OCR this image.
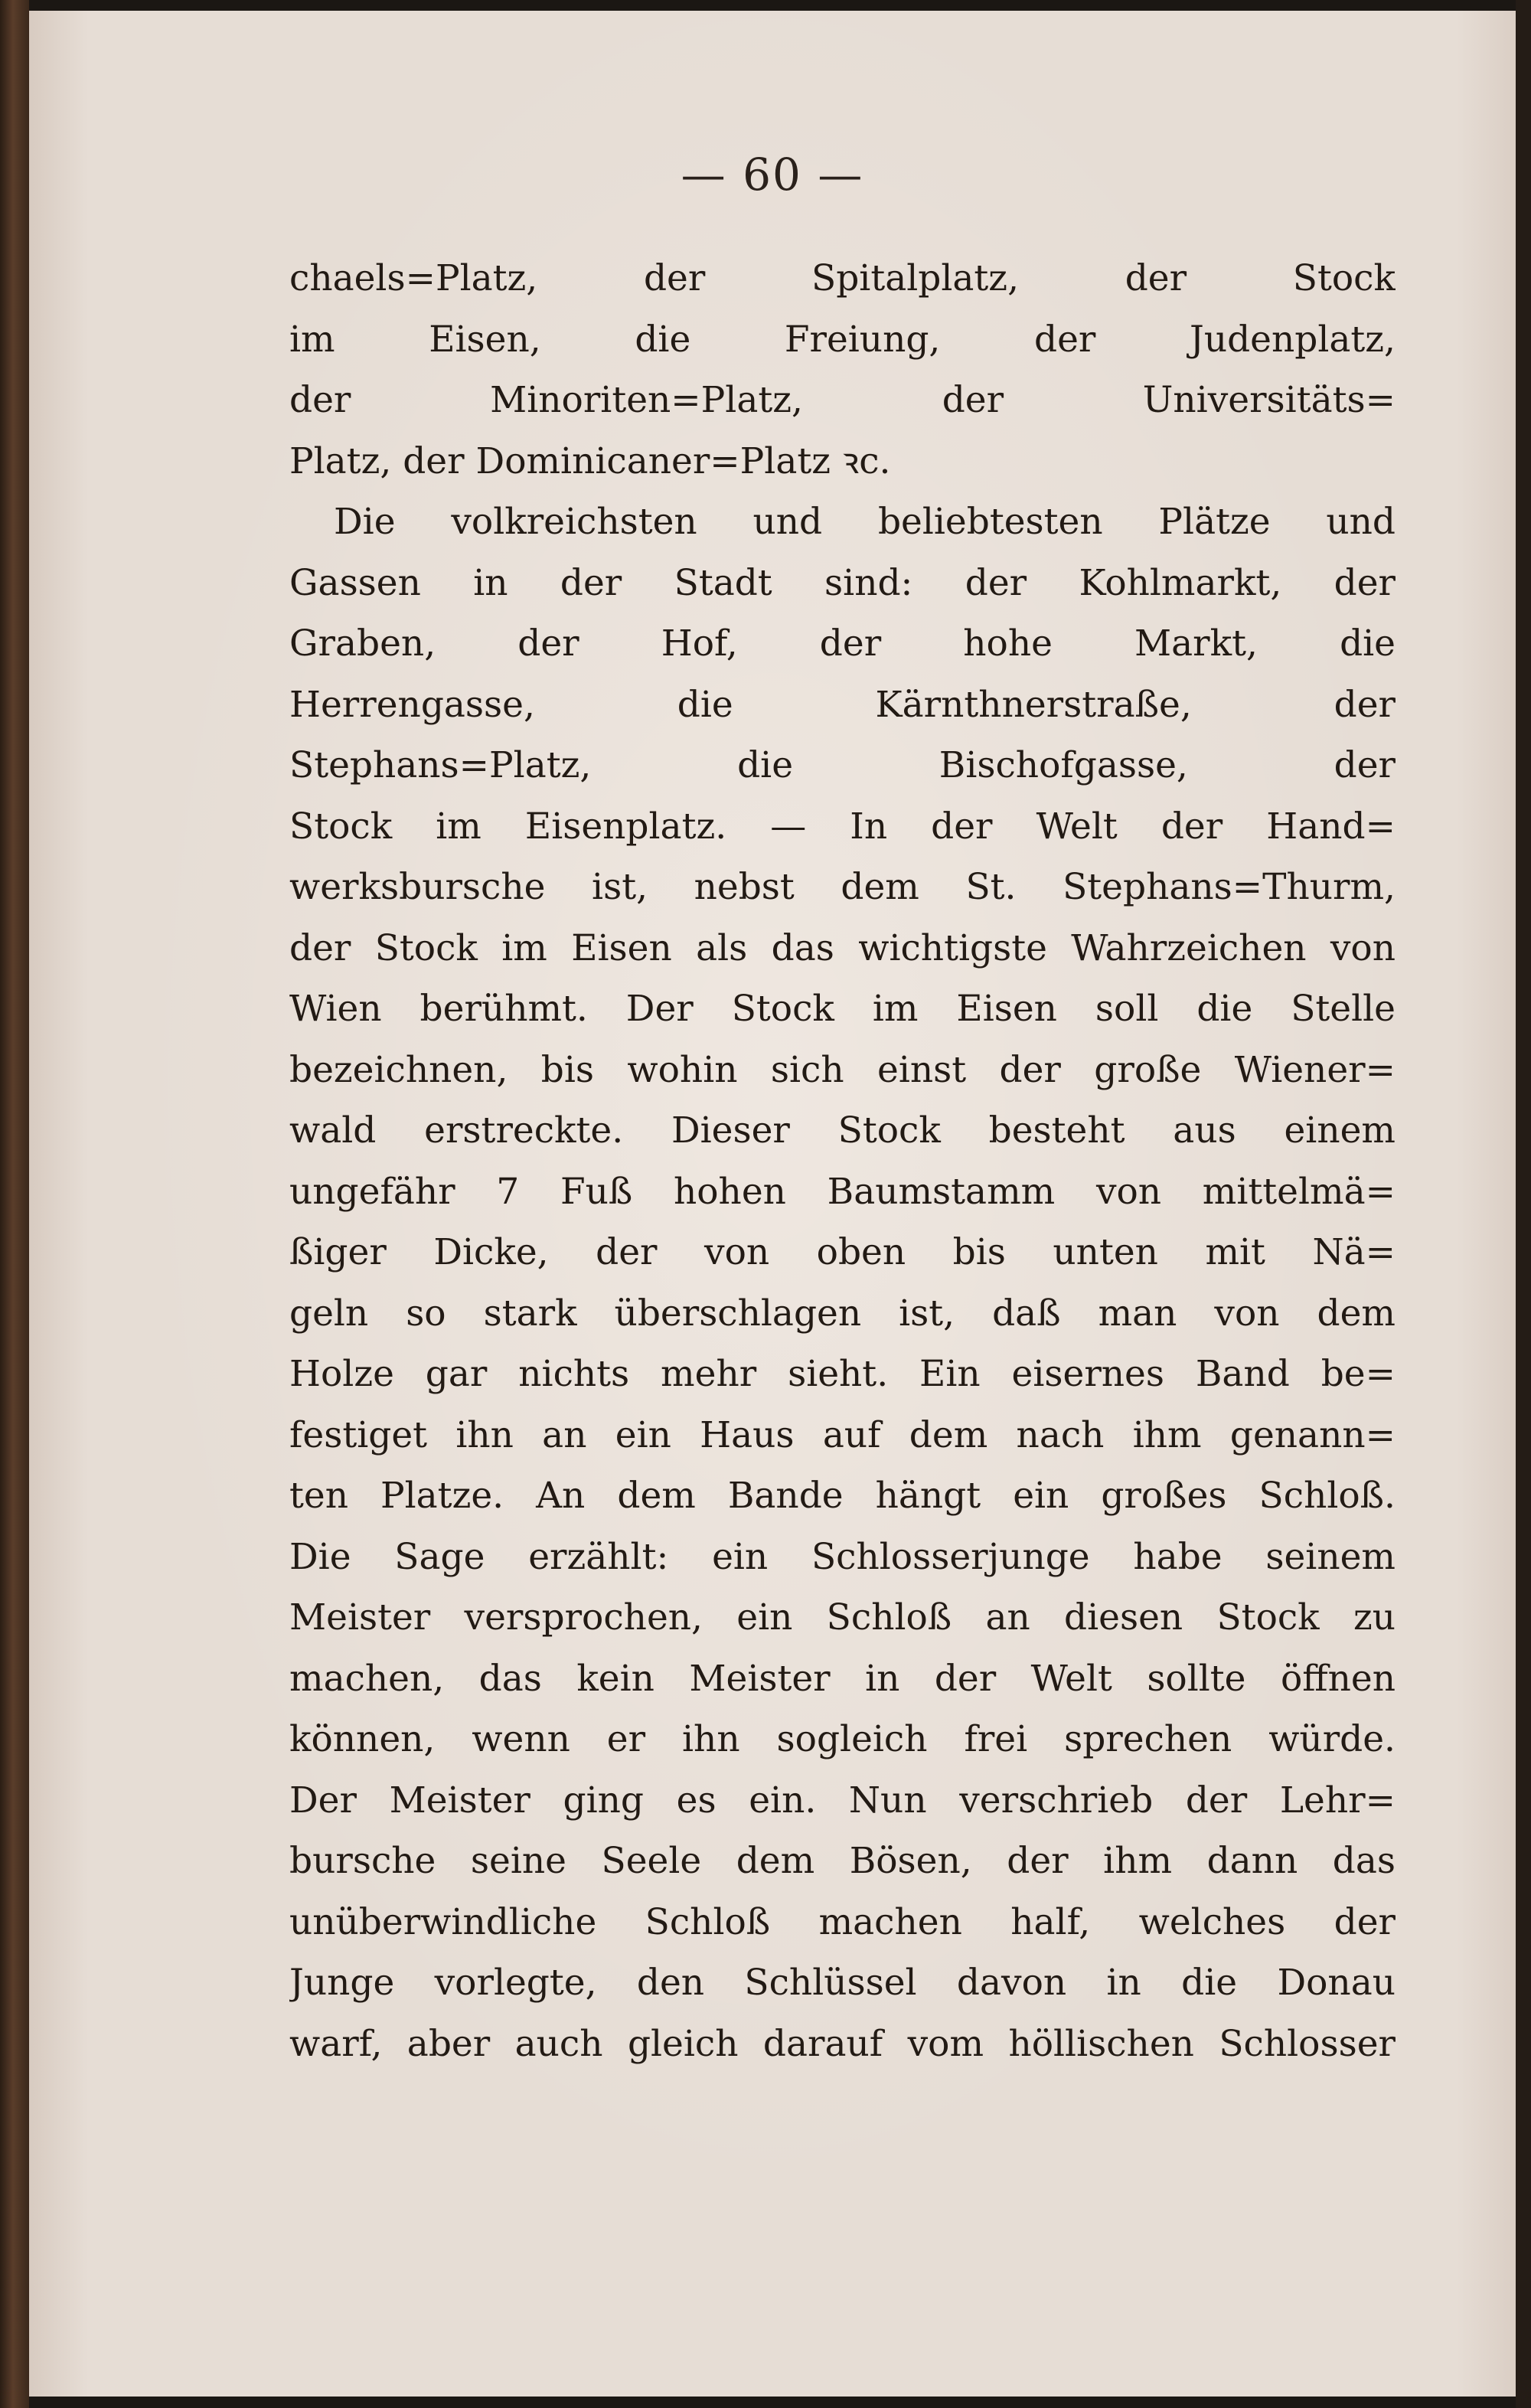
— 60 —
chaels=Platz, der Spitalplatz, der Stock
im Eisen, die Freiung, der Judenplatz,
der Minoriten=Platz, der Universitäts=
Platz, der Dominicaner=Platz ꝛc.
Die volkreichsten und beliebtesten Plätze und
Gassen in der Stadt sind: der Kohlmarkt, der
Graben, der Hof, der hohe Markt, die
Herrengasse, die Kärnthnerstraße, der
Stephans=Platz, die Bischofgasse, der
Stock im Eisenplatz. — In der Welt der Hand=
werksbursche ist, nebst dem St. Stephans=Thurm,
der Stock im Eisen als das wichtigste Wahrzeichen von
Wien berühmt. Der Stock im Eisen soll die Stelle
bezeichnen, bis wohin sich einst der große Wiener=
wald erstreckte. Dieser Stock besteht aus einem
ungefähr 7 Fuß hohen Baumstamm von mittelmä=
ßiger Dicke, der von oben bis unten mit Nä=
geln so stark überschlagen ist, daß man von dem
Holze gar nichts mehr sieht. Ein eisernes Band be=
festiget ihn an ein Haus auf dem nach ihm genann=
ten Platze. An dem Bande hängt ein großes Schloß.
Die Sage erzählt: ein Schlosserjunge habe seinem
Meister versprochen, ein Schloß an diesen Stock zu
machen, das kein Meister in der Welt sollte öffnen
können, wenn er ihn sogleich frei sprechen würde.
Der Meister ging es ein. Nun verschrieb der Lehr=
bursche seine Seele dem Bösen, der ihm dann das
unüberwindliche Schloß machen half, welches der
Junge vorlegte, den Schlüssel davon in die Donau
warf, aber auch gleich darauf vom höllischen Schlosser
